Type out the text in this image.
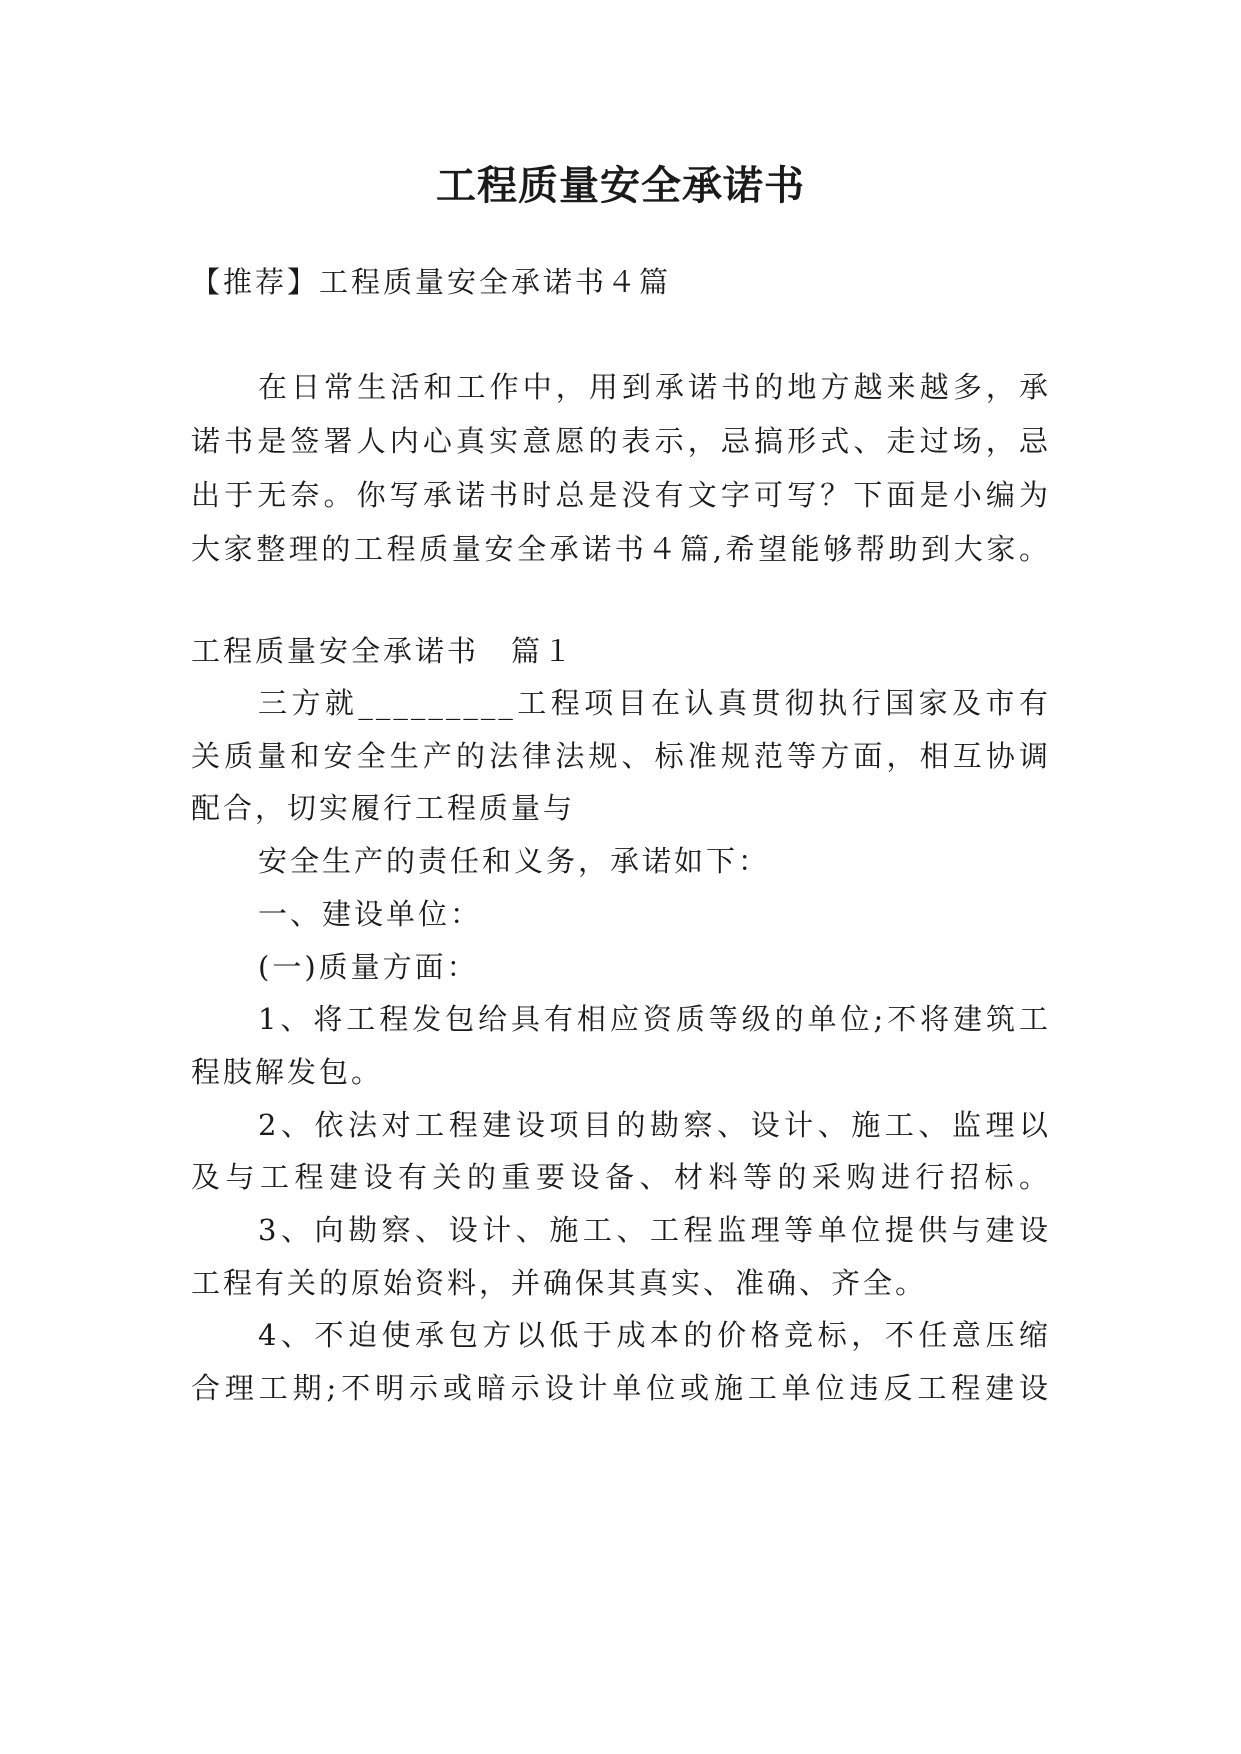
工程质量安全承诺书
【推荐】工程质量安全承诺书４篇
在日常生活和工作中，用到承诺书的地方越来越多，承
诺书是签署人内心真实意愿的表示，忌搞形式、走过场，忌
出于无奈。你写承诺书时总是没有文字可写？下面是小编为
大家整理的工程质量安全承诺书４篇,希望能够帮助到大家。
工程质量安全承诺书　篇１
三方就_________工程项目在认真贯彻执行国家及市有
关质量和安全生产的法律法规、标准规范等方面，相互协调
配合，切实履行工程质量与
安全生产的责任和义务，承诺如下：
一、建设单位：
(一)质量方面：
1、将工程发包给具有相应资质等级的单位;不将建筑工
程肢解发包。
2、依法对工程建设项目的勘察、设计、施工、监理以
及与工程建设有关的重要设备、材料等的采购进行招标。
3、向勘察、设计、施工、工程监理等单位提供与建设
工程有关的原始资料，并确保其真实、准确、齐全。
4、不迫使承包方以低于成本的价格竞标，不任意压缩
合理工期;不明示或暗示设计单位或施工单位违反工程建设
